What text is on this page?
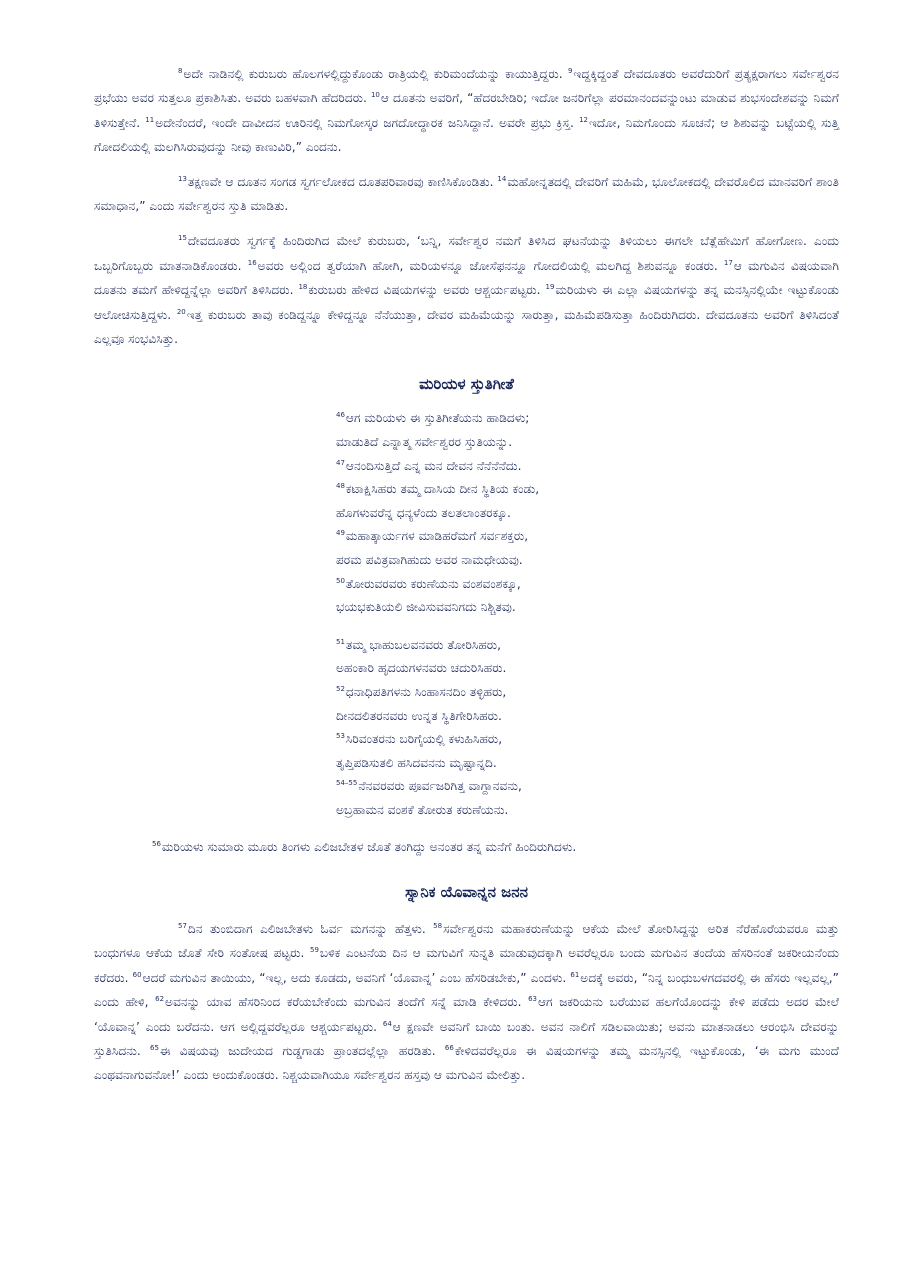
$^8$ಅದೇ ನಾಡಿನಲ್ಲಿ ಕುರುಬರು ಹೊಲಗಳಲ್ಲಿದ್ದುಕೊಂಡು ರಾತ್ರಿಯಲ್ಲಿ ಕುರಿಮಂದೆಯನ್ನು ಕಾಯುತ್ತಿದ್ದರು. $^9$ಇದ್ದಕ್ಕಿದ್ದಂತೆ ದೇವದೂತರು ಅವರೆದುರಿಗೆ ಪ್ರತ್ಯಕ್ಷರಾಗಲು ಸರ್ವೇಶ್ವರನ ಪ್ರಭೆಯು ಅವರ ಸುತ್ತಲೂ ಪ್ರಕಾಶಿಸಿತು. ಅವರು ಬಹಳವಾಗಿ ಹೆದರಿದರು. $^{10}$ಆ ದೂತನು ಅವರಿಗೆ, “ಹೆದರಬೇಡಿರಿ; ಇದೋ ಜನರಿಗೆಲ್ಲಾ ಪರಮಾನಂದವನ್ನುಂಟು ಮಾಡುವ ಶುಭಸಂದೇಶವನ್ನು ನಿಮಗೆ ತಿಳಿಸುತ್ತೇನೆ. $^{11}$ಅದೇನೆಂದರೆ, ಇಂದೇ ದಾವೀದನ ಊರಿನಲ್ಲಿ ನಿಮಗೋಸ್ಕರ ಜಗದೋದ್ಧಾರಕ ಜನಿಸಿದ್ದಾನೆ. ಅವರೇ ಪ್ರಭು ಕ್ರಿಸ್ತ. $^{12}$ಇದೋ, ನಿಮಗೊಂದು ಸೂಚನೆ; ಆ ಶಿಶುವನ್ನು ಬಟ್ಟೆಯಲ್ಲಿ ಸುತ್ತಿ ಗೋದಲಿಯಲ್ಲಿ ಮಲಗಿಸಿರುವುದನ್ನು ನೀವು ಕಾಣುವಿರಿ,” ಎಂದನು.

$^{13}$ತಕ್ಷಣವೇ ಆ ದೂತನ ಸಂಗಡ ಸ್ವರ್ಗಲೋಕದ ದೂತಪರಿವಾರವು ಕಾಣಿಸಿಕೊಂಡಿತು. $^{14}$ಮಹೋನ್ನತದಲ್ಲಿ ದೇವರಿಗೆ ಮಹಿಮೆ, ಭೂಲೋಕದಲ್ಲಿ ದೇವರೊಲಿದ ಮಾನವರಿಗೆ ಶಾಂತಿ ಸಮಾಧಾನ,” ಎಂದು ಸರ್ವೇಶ್ವರನ ಸ್ತುತಿ ಮಾಡಿತು.

$^{15}$ದೇವದೂತರು ಸ್ವರ್ಗಕ್ಕೆ ಹಿಂದಿರುಗಿದ ಮೇಲೆ ಕುರುಬರು, ‘ಬನ್ನಿ, ಸರ್ವೇಶ್ವರ ನಮಗೆ ತಿಳಿಸಿದ ಘಟನೆಯನ್ನು ತಿಳಿಯಲು ಈಗಲೇ ಬೆತ್ಲೆಹೇಮಿಗೆ ಹೋಗೋಣ. ಎಂದು ಒಬ್ಬರಿಗೊಬ್ಬರು ಮಾತನಾಡಿಕೊಂಡರು. $^{16}$ಅವರು ಅಲ್ಲಿಂದ ತ್ವರೆಯಾಗಿ ಹೋಗಿ, ಮರಿಯಳನ್ನೂ ಜೋಸೆಫನನ್ನೂ ಗೋದಲಿಯಲ್ಲಿ ಮಲಗಿದ್ದ ಶಿಶುವನ್ನೂ ಕಂಡರು. $^{17}$ಆ ಮಗುವಿನ ವಿಷಯವಾಗಿ ದೂತನು ತಮಗೆ ಹೇಳಿದ್ದನ್ನೆಲ್ಲಾ ಅವರಿಗೆ ತಿಳಿಸಿದರು. $^{18}$ಕುರುಬರು ಹೇಳಿದ ವಿಷಯಗಳನ್ನು ಅವರು ಆಶ್ಚರ್ಯಪಟ್ಟರು. $^{19}$ಮರಿಯಳು ಈ ಎಲ್ಲಾ ವಿಷಯಗಳನ್ನು ತನ್ನ ಮನಸ್ಸಿನಲ್ಲಿಯೇ ಇಟ್ಟುಕೊಂಡು ಆಲೋಚಿಸುತ್ತಿದ್ದಳು. $^{20}$ಇತ್ತ ಕುರುಬರು ತಾವು ಕಂಡಿದ್ದನ್ನೂ ಕೇಳಿದ್ದನ್ನೂ ನೆನೆಯುತ್ತಾ, ದೇವರ ಮಹಿಮೆಯನ್ನು ಸಾರುತ್ತಾ, ಮಹಿಮೆಪಡಿಸುತ್ತಾ ಹಿಂದಿರುಗಿದರು. ದೇವದೂತನು ಅವರಿಗೆ ತಿಳಿಸಿದಂತೆ ಎಲ್ಲವೂ ಸಂಭವಿಸಿತ್ತು.

ಮರಿಯಳ ಸ್ತುತಿಗೀತೆ
$^{46}$ಆಗ ಮರಿಯಳು ಈ ಸ್ತುತಿಗೀತೆಯನು ಹಾಡಿದಳು;
ಮಾಡುತಿದೆ ಎನ್ನಾತ್ಮ ಸರ್ವೇಶ್ವರರ ಸ್ತುತಿಯನ್ನು.
$^{47}$ಆನಂದಿಸುತ್ತಿದೆ ಎನ್ನ ಮನ ದೇವನ ನೆನೆನೆನೆದು.
$^{48}$ಕಟಾಕ್ಷಿಸಿಹರು ತಮ್ಮ ದಾಸಿಯ ದೀನ ಸ್ಥಿತಿಯ ಕಂಡು,
ಹೊಗಳುವರೆನ್ನ ಧನ್ಯಳೆಂದು ತಲತಲಾಂತರಕ್ಕೂ.
$^{49}$ಮಹಾತ್ಕಾರ್ಯಗಳ ಮಾಡಿಹರೆಮಗೆ ಸರ್ವಶಕ್ತರು,
ಪರಮ ಪವಿತ್ರವಾಗಿಹುದು ಅವರ ನಾಮಧೇಯವು.
$^{50}$ತೋರುವರವರು ಕರುಣೆಯನು ವಂಶವಂಶಕ್ಕೂ,
ಭಯಭಕುತಿಯಲಿ ಜೀವಿಸುವವನಿಗದು ನಿಶ್ಚಿತವು.
$^{51}$ತಮ್ಮ ಭಾಹುಬಲವನವರು ತೋರಿಸಿಹರು,
ಅಹಂಕಾರಿ ಹೃದಯಗಳನವರು ಚದುರಿಸಿಹರು.
$^{52}$ಧನಾಧಿಪತಿಗಳನು ಸಿಂಹಾಸನದಿಂ ತಳ್ಳಿಹರು,
ದೀನದಲಿತರನವರು ಉನ್ನತ ಸ್ಥಿತಿಗೇರಿಸಿಹರು.
$^{53}$ಸಿರಿವಂತರನು ಬರಿಗೈಯಲ್ಲಿ ಕಳುಹಿಸಿಹರು,
ತೃಪ್ತಿಪಡಿಸುತಲಿ ಹಸಿದವನನು ಮೃಷ್ಟಾನ್ನದಿ.
$^{54-55}$ನೆನವರವರು ಪೂರ್ವಜರಿಗಿತ್ತ ವಾಗ್ದಾನವನು,
ಅಬ್ರಹಾಮನ ವಂಶಕೆ ತೋರುತ ಕರುಣೆಯನು.

$^{56}$ಮರಿಯಳು ಸುಮಾರು ಮೂರು ತಿಂಗಳು ಎಲಿಜಬೇತಳ ಜೊತೆ ತಂಗಿದ್ದು ಅನಂತರ ತನ್ನ ಮನೆಗೆ ಹಿಂದಿರುಗಿದಳು.

ಸ್ನಾನಿಕ ಯೊವಾನ್ನನ ಜನನ

$^{57}$ದಿನ ತುಂಬಿದಾಗ ಎಲಿಜಬೇತಳು ಓರ್ವ ಮಗನನ್ನು ಹೆತ್ತಳು. $^{58}$ಸರ್ವೇಶ್ವರನು ಮಹಾಕರುಣೆಯನ್ನು ಆಕೆಯ ಮೇಲೆ ತೋರಿಸಿದ್ದನ್ನು ಅರಿತ ನೆರೆಹೊರೆಯವರೂ ಮತ್ತು ಬಂಧುಗಳೂ ಆಕೆಯ ಜೊತೆ ಸೇರಿ ಸಂತೋಷ ಪಟ್ಟರು. $^{59}$ಬಳಿಕ ಎಂಟನೆಯ ದಿನ ಆ ಮಗುವಿಗೆ ಸುನ್ನತಿ ಮಾಡುವುದಕ್ಕಾಗಿ ಅವರೆಲ್ಲರೂ ಬಂದು ಮಗುವಿನ ತಂದೆಯ ಹೆಸರಿನಂತೆ ಜಕರೀಯನೆಂದು ಕರೆದರು. $^{60}$ಆದರೆ ಮಗುವಿನ ತಾಯಿಯು, “ಇಲ್ಲ, ಅದು ಕೂಡದು, ಅವನಿಗೆ ‘ಯೊವಾನ್ನ’ ಎಂಬ ಹೆಸರಿಡಬೇಕು,” ಎಂದಳು. $^{61}$ಅದಕ್ಕೆ ಅವರು, “ನಿನ್ನ ಬಂಧುಬಳಗದವರಲ್ಲಿ ಈ ಹೆಸರು ಇಲ್ಲವಲ್ಲ,” ಎಂದು ಹೇಳಿ, $^{62}$ಅವನನ್ನು ಯಾವ ಹೆಸರಿನಿಂದ ಕರೆಯಬೇಕೆಂದು ಮಗುವಿನ ತಂದೆಗೆ ಸನ್ನೆ ಮಾಡಿ ಕೇಳಿದರು. $^{63}$ಆಗ ಜಕರಿಯನು ಬರೆಯುವ ಹಲಗೆಯೊಂದನ್ನು ಕೇಳಿ ಪಡೆದು ಅದರ ಮೇಲೆ ‘ಯೊವಾನ್ನ’ ಎಂದು ಬರೆದನು. ಆಗ ಅಲ್ಲಿದ್ದವರೆಲ್ಲರೂ ಆಶ್ಚರ್ಯಪಟ್ಟರು. $^{64}$ಆ ಕ್ಷಣವೇ ಅವನಿಗೆ ಬಾಯಿ ಬಂತು. ಅವನ ನಾಲಿಗೆ ಸಡಿಲವಾಯಿತು; ಅವನು ಮಾತನಾಡಲು ಆರಂಭಿಸಿ ದೇವರನ್ನು ಸ್ತುತಿಸಿದನು. $^{65}$ಈ ವಿಷಯವು ಜುದೇಯದ ಗುಡ್ಡಗಾಡು ಪ್ರಾಂತದಲ್ಲೆಲ್ಲಾ ಹರಡಿತು. $^{66}$ಕೇಳಿದವರೆಲ್ಲರೂ ಈ ವಿಷಯಗಳನ್ನು ತಮ್ಮ ಮನಸ್ಸಿನಲ್ಲಿ ಇಟ್ಟುಕೊಂಡು, ‘ಈ ಮಗು ಮುಂದೆ ಎಂಥವನಾಗುವನೋ!’ ಎಂದು ಅಂದುಕೊಂಡರು. ನಿಶ್ಚಯವಾಗಿಯೂ ಸರ್ವೇಶ್ವರನ ಹಸ್ತವು ಆ ಮಗುವಿನ ಮೇಲಿತ್ತು.
